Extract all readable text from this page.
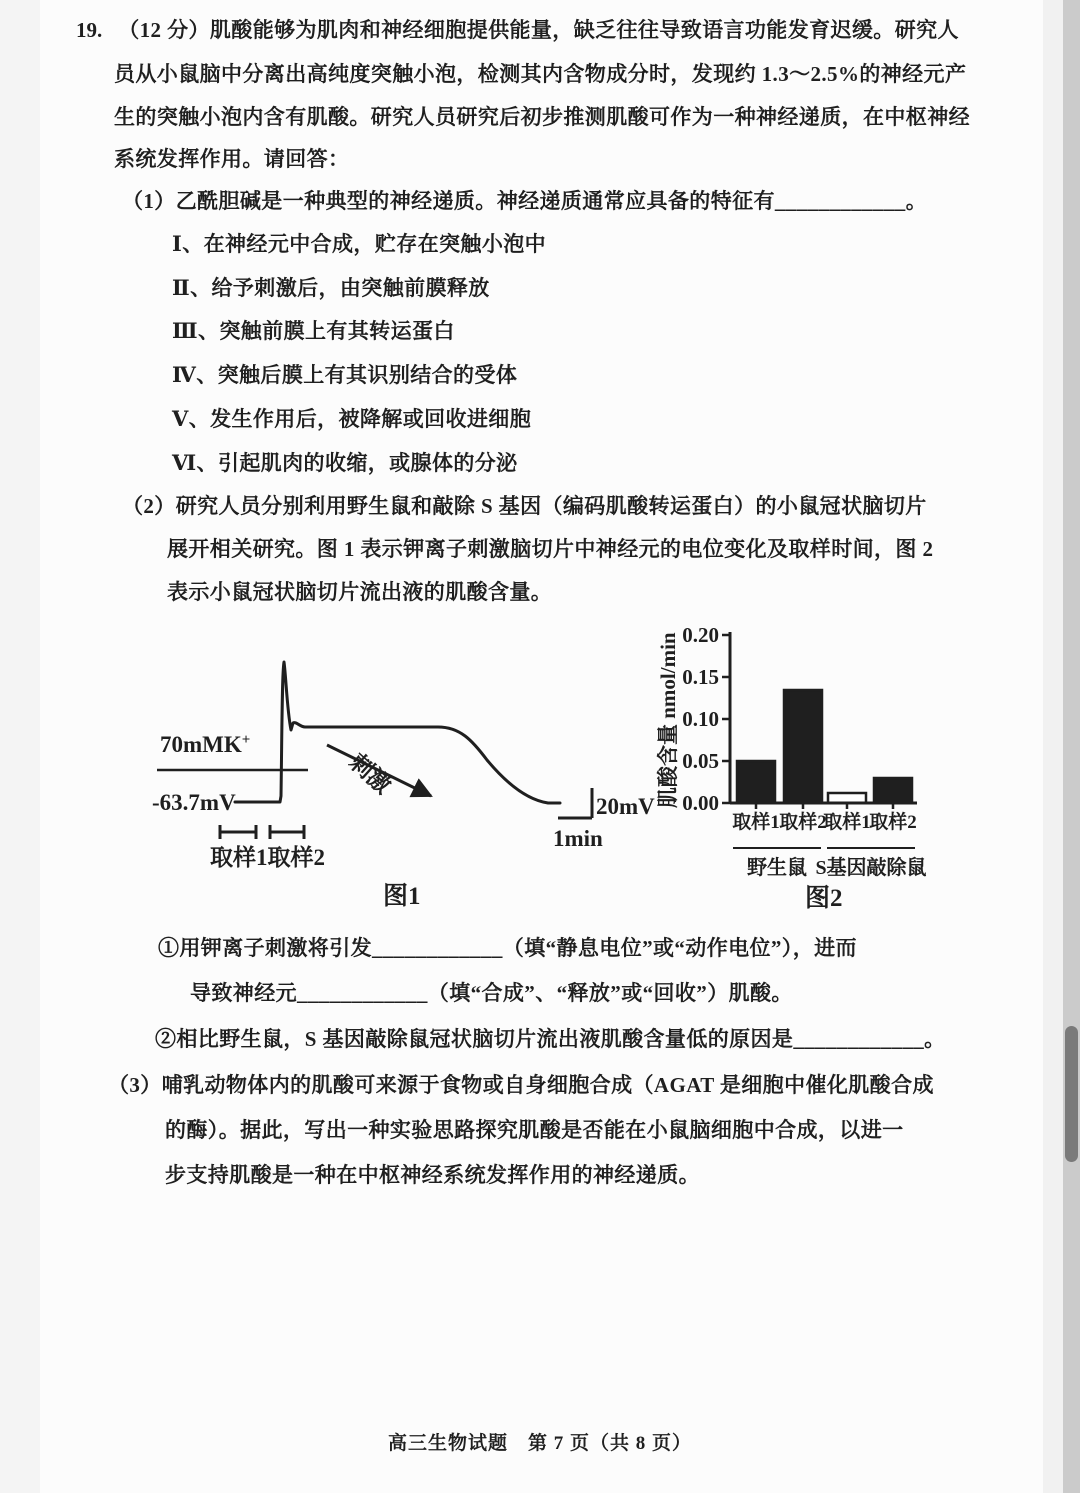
19. （12 分）肌酸能够为肌肉和神经细胞提供能量，缺乏往往导致语言功能发育迟缓。研究人
员从小鼠脑中分离出高纯度突触小泡，检测其内含物成分时，发现约 1.3～2.5%的神经元产
生的突触小泡内含有肌酸。研究人员研究后初步推测肌酸可作为一种神经递质，在中枢神经
系统发挥作用。请回答：
（1）乙酰胆碱是一种典型的神经递质。神经递质通常应具备的特征有____________。
Ⅰ、在神经元中合成，贮存在突触小泡中
Ⅱ、给予刺激后，由突触前膜释放
Ⅲ、突触前膜上有其转运蛋白
Ⅳ、突触后膜上有其识别结合的受体
Ⅴ、发生作用后，被降解或回收进细胞
Ⅵ、引起肌肉的收缩，或腺体的分泌
（2）研究人员分别利用野生鼠和敲除 S 基因（编码肌酸转运蛋白）的小鼠冠状脑切片
展开相关研究。图 1 表示钾离子刺激脑切片中神经元的电位变化及取样时间，图 2
表示小鼠冠状脑切片流出液的肌酸含量。
70mMK+
刺激
-63.7mV	20mV
1min
取样1取样2
图1
0.20
0.15
0.10
0.05
0.00
肌酸含量 nmol/min
取样1 取样2
取样1
取样2
野生鼠 S基因敲除鼠
图2
①用钾离子刺激将引发____________（填“静息电位”或“动作电位”），进而
导致神经元____________（填“合成”、“释放”或“回收”）肌酸。
②相比野生鼠，S 基因敲除鼠冠状脑切片流出液肌酸含量低的原因是____________。
（3）哺乳动物体内的肌酸可来源于食物或自身细胞合成（AGAT 是细胞中催化肌酸合成
的酶）。据此，写出一种实验思路探究肌酸是否能在小鼠脑细胞中合成，以进一
步支持肌酸是一种在中枢神经系统发挥作用的神经递质。
高三生物试题　第 7 页（共 8 页）
